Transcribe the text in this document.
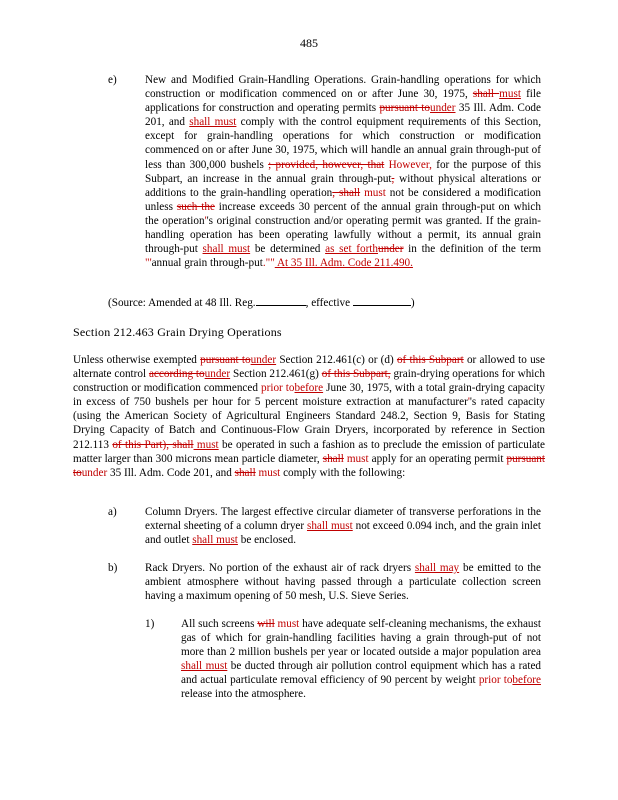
485
e)	New and Modified Grain-Handling Operations. Grain-handling operations for which construction or modification commenced on or after June 30, 1975, shall must file applications for construction and operating permits pursuant tounder 35 Ill. Adm. Code 201, and shall must comply with the control equipment requirements of this Section, except for grain-handling operations for which construction or modification commenced on or after June 30, 1975, which will handle an annual grain through-put of less than 300,000 bushels ; provided, however, that However, for the purpose of this Subpart, an increase in the annual grain through-put, without physical alterations or additions to the grain-handling operation, shall must not be considered a modification unless such the increase exceeds 30 percent of the annual grain through-put on which the operation''s original construction and/or operating permit was granted. If the grain-handling operation has been operating lawfully without a permit, its annual grain through-put shall must be determined as set forthunder in the definition of the term "'annual grain through-put."" At 35 Ill. Adm. Code 211.490.

(Source: Amended at 48 Ill. Reg.	, effective	)
Section 212.463 Grain Drying Operations

Unless otherwise exempted pursuant tounder Section 212.461(c) or (d) of this Subpart or allowed to use alternate control according tounder Section 212.461(g) of this Subpart, grain-drying operations for which construction or modification commenced prior tobefore June 30, 1975, with a total grain-drying capacity in excess of 750 bushels per hour for 5 percent moisture extraction at manufacturer''s rated capacity (using the American Society of Agricultural Engineers Standard 248.2, Section 9, Basis for Stating Drying Capacity of Batch and Continuous-Flow Grain Dryers, incorporated by reference in Section 212.113 of this Part), shall must be operated in such a fashion as to preclude the emission of particulate matter larger than 300 microns mean particle diameter, shall must apply for an operating permit pursuant tounder 35 Ill. Adm. Code 201, and shall must comply with the following:

a)	Column Dryers. The largest effective circular diameter of transverse perforations in the external sheeting of a column dryer shall must not exceed 0.094 inch, and the grain inlet and outlet shall must be enclosed.

b) Rack Dryers. No portion of the exhaust air of rack dryers shall may be emitted to the ambient atmosphere without having passed through a particulate collection screen having a maximum opening of 50 mesh, U.S. Sieve Series.

1) All such screens will must have adequate self-cleaning mechanisms, the exhaust gas of which for grain-handling facilities having a grain through-put of not more than 2 million bushels per year or located outside a major population area shall must be ducted through air pollution control equipment which has a rated and actual particulate removal efficiency of 90 percent by weight prior tobefore release into the atmosphere.
